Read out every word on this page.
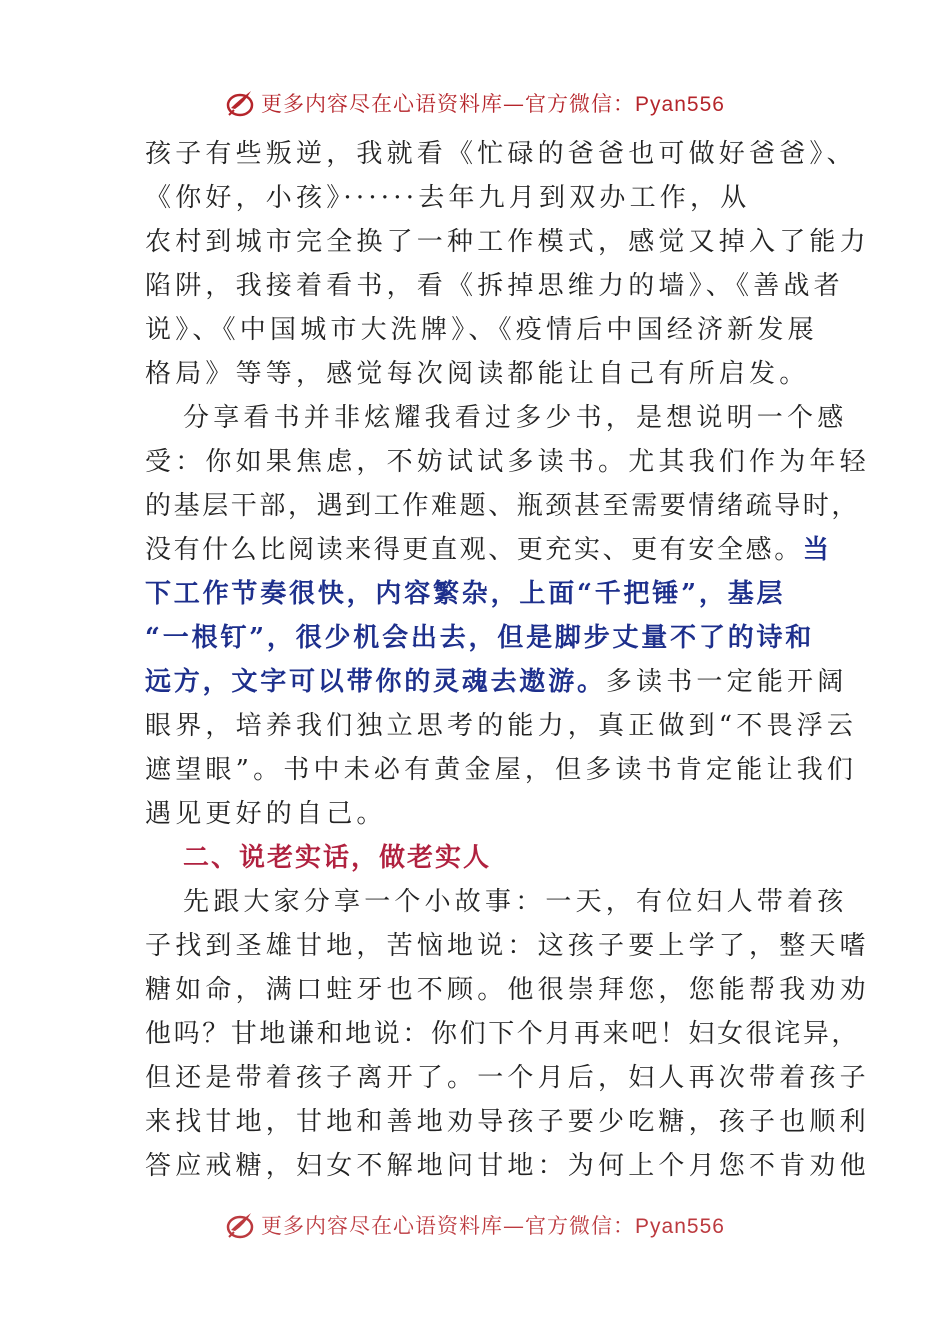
更多内容尽在心语资料库—官方微信：Pyan556
孩子有些叛逆，我就看《忙碌的爸爸也可做好爸爸》、
《你好，小孩》······去年九月到双办工作，从
农村到城市完全换了一种工作模式，感觉又掉入了能力
陷阱，我接着看书，看《拆掉思维力的墙》、《善战者
说》、《中国城市大洗牌》、《疫情后中国经济新发展
格局》等等，感觉每次阅读都能让自己有所启发。
分享看书并非炫耀我看过多少书，是想说明一个感
受：你如果焦虑，不妨试试多读书。尤其我们作为年轻
的基层干部，遇到工作难题、瓶颈甚至需要情绪疏导时，
没有什么比阅读来得更直观、更充实、更有安全感。当
下工作节奏很快，内容繁杂，上面“千把锤”，基层
“一根钉”，很少机会出去，但是脚步丈量不了的诗和
远方，文字可以带你的灵魂去遨游。多读书一定能开阔
眼界，培养我们独立思考的能力，真正做到“不畏浮云
遮望眼”。书中未必有黄金屋，但多读书肯定能让我们
遇见更好的自己。
二、说老实话，做老实人
先跟大家分享一个小故事：一天，有位妇人带着孩
子找到圣雄甘地，苦恼地说：这孩子要上学了，整天嗜
糖如命，满口蛀牙也不顾。他很崇拜您，您能帮我劝劝
他吗？甘地谦和地说：你们下个月再来吧！妇女很诧异，
但还是带着孩子离开了。一个月后，妇人再次带着孩子
来找甘地，甘地和善地劝导孩子要少吃糖，孩子也顺利
答应戒糖，妇女不解地问甘地：为何上个月您不肯劝他
更多内容尽在心语资料库—官方微信：Pyan556
